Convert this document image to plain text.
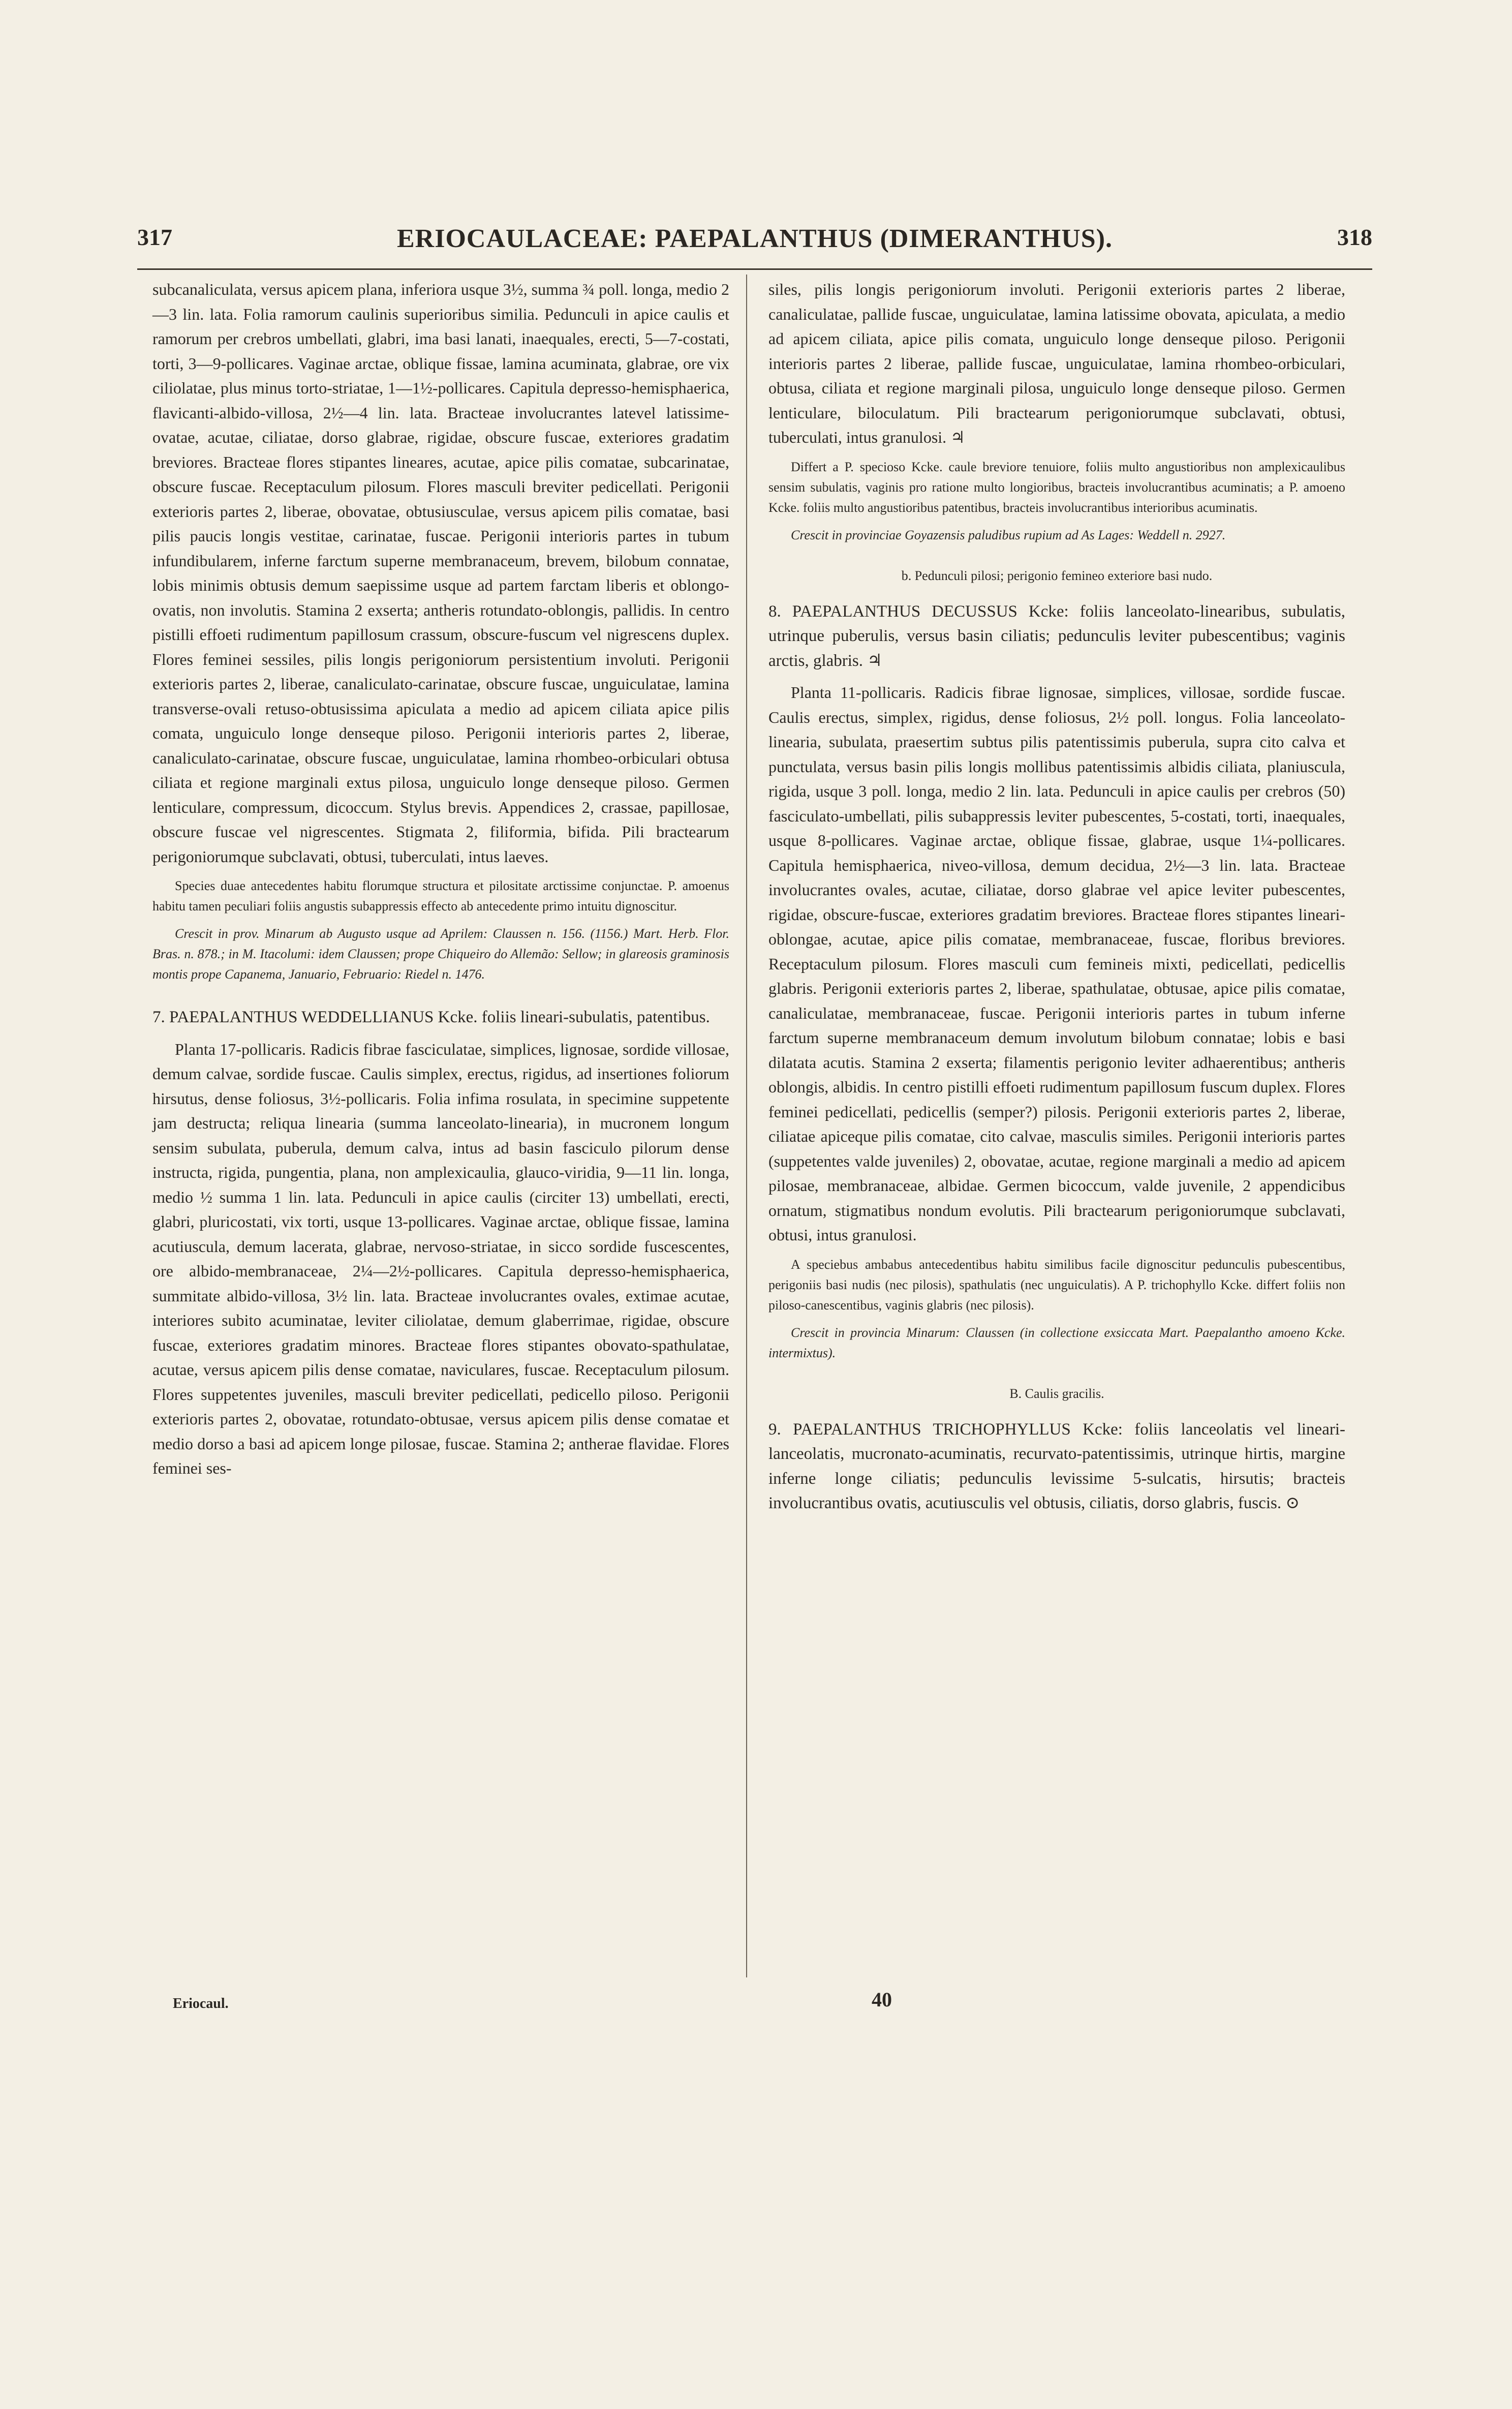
317	ERIOCAULACEAE: PAEPALANTHUS (DIMERANTHUS).	318

subcanaliculata, versus apicem plana, inferiora usque 3½, summa ¾ poll. longa, medio 2—3 lin. lata. Folia ramorum caulinis superioribus similia. Pedunculi in apice caulis et ramorum per crebros umbellati, glabri, ima basi lanati, inaequales, erecti, 5—7-costati, torti, 3—9-pollicares. Vaginae arctae, oblique fissae, lamina acuminata, glabrae, ore vix ciliolatae, plus minus torto-striatae, 1—1½-pollicares. Capitula depresso-hemisphaerica, flavicanti-albido-villosa, 2½—4 lin. lata. Bracteae involucrantes latevel latissime-ovatae, acutae, ciliatae, dorso glabrae, rigidae, obscure fuscae, exteriores gradatim breviores. Bracteae flores stipantes lineares, acutae, apice pilis comatae, subcarinatae, obscure fuscae. Receptaculum pilosum. Flores masculi breviter pedicellati. Perigonii exterioris partes 2, liberae, obovatae, obtusiusculae, versus apicem pilis comatae, basi pilis paucis longis vestitae, carinatae, fuscae. Perigonii interioris partes in tubum infundibularem, inferne farctum superne membranaceum, brevem, bilobum connatae, lobis minimis obtusis demum saepissime usque ad partem farctam liberis et oblongo-ovatis, non involutis. Stamina 2 exserta; antheris rotundato-oblongis, pallidis. In centro pistilli effoeti rudimentum papillosum crassum, obscure-fuscum vel nigrescens duplex. Flores feminei sessiles, pilis longis perigoniorum persistentium involuti. Perigonii exterioris partes 2, liberae, canaliculato-carinatae, obscure fuscae, unguiculatae, lamina transverse-ovali retuso-obtusissima apiculata a medio ad apicem ciliata apice pilis comata, unguiculo longe denseque piloso. Perigonii interioris partes 2, liberae, canaliculato-carinatae, obscure fuscae, unguiculatae, lamina rhombeo-orbiculari obtusa ciliata et regione marginali extus pilosa, unguiculo longe denseque piloso. Germen lenticulare, compressum, dicoccum. Stylus brevis. Appendices 2, crassae, papillosae, obscure fuscae vel nigrescentes. Stigmata 2, filiformia, bifida. Pili bractearum perigoniorumque subclavati, obtusi, tuberculati, intus laeves.

Species duae antecedentes habitu florumque structura et pilositate arctissime conjunctae. P. amoenus habitu tamen peculiari foliis angustis subappressis effecto ab antecedente primo intuitu dignoscitur.

Crescit in prov. Minarum ab Augusto usque ad Aprilem: Claussen n. 156. (1156.) Mart. Herb. Flor. Bras. n. 878.; in M. Itacolumi: idem Claussen; prope Chiqueiro do Allemão: Sellow; in glareosis graminosis montis prope Capanema, Januario, Februario: Riedel n. 1476.

7. PAEPALANTHUS WEDDELLIANUS Kcke. foliis lineari-subulatis, patentibus.

Planta 17-pollicaris. Radicis fibrae fasciculatae, simplices, lignosae, sordide villosae, demum calvae, sordide fuscae. Caulis simplex, erectus, rigidus, ad insertiones foliorum hirsutus, dense foliosus, 3½-pollicaris. Folia infima rosulata, in specimine suppetente jam destructa; reliqua linearia (summa lanceolato-linearia), in mucronem longum sensim subulata, puberula, demum calva, intus ad basin fasciculo pilorum dense instructa, rigida, pungentia, plana, non amplexicaulia, glauco-viridia, 9—11 lin. longa, medio ½ summa 1 lin. lata. Pedunculi in apice caulis (circiter 13) umbellati, erecti, glabri, pluricostati, vix torti, usque 13-pollicares. Vaginae arctae, oblique fissae, lamina acutiuscula, demum lacerata, glabrae, nervoso-striatae, in sicco sordide fuscescentes, ore albido-membranaceae, 2¼—2½-pollicares. Capitula depresso-hemisphaerica, summitate albido-villosa, 3½ lin. lata. Bracteae involucrantes ovales, extimae acutae, interiores subito acuminatae, leviter ciliolatae, demum glaberrimae, rigidae, obscure fuscae, exteriores gradatim minores. Bracteae flores stipantes obovato-spathulatae, acutae, versus apicem pilis dense comatae, naviculares, fuscae. Receptaculum pilosum. Flores suppetentes juveniles, masculi breviter pedicellati, pedicello piloso. Perigonii exterioris partes 2, obovatae, rotundato-obtusae, versus apicem pilis dense comatae et medio dorso a basi ad apicem longe pilosae, fuscae. Stamina 2; antherae flavidae. Flores feminei ses-

siles, pilis longis perigoniorum involuti. Perigonii exterioris partes 2 liberae, canaliculatae, pallide fuscae, unguiculatae, lamina latissime obovata, apiculata, a medio ad apicem ciliata, apice pilis comata, unguiculo longe denseque piloso. Perigonii interioris partes 2 liberae, pallide fuscae, unguiculatae, lamina rhombeo-orbiculari, obtusa, ciliata et regione marginali pilosa, unguiculo longe denseque piloso. Germen lenticulare, biloculatum. Pili bractearum perigoniorumque subclavati, obtusi, tuberculati, intus granulosi. ♃

Differt a P. specioso Kcke. caule breviore tenuiore, foliis multo angustioribus non amplexicaulibus sensim subulatis, vaginis pro ratione multo longioribus, bracteis involucrantibus acuminatis; a P. amoeno Kcke. foliis multo angustioribus patentibus, bracteis involucrantibus interioribus acuminatis.

Crescit in provinciae Goyazensis paludibus rupium ad As Lages: Weddell n. 2927.

b. Pedunculi pilosi; perigonio femineo exteriore basi nudo.

8. PAEPALANTHUS DECUSSUS Kcke: foliis lanceolato-linearibus, subulatis, utrinque puberulis, versus basin ciliatis; pedunculis leviter pubescentibus; vaginis arctis, glabris. ♃

Planta 11-pollicaris. Radicis fibrae lignosae, simplices, villosae, sordide fuscae. Caulis erectus, simplex, rigidus, dense foliosus, 2½ poll. longus. Folia lanceolato-linearia, subulata, praesertim subtus pilis patentissimis puberula, supra cito calva et punctulata, versus basin pilis longis mollibus patentissimis albidis ciliata, planiuscula, rigida, usque 3 poll. longa, medio 2 lin. lata. Pedunculi in apice caulis per crebros (50) fasciculato-umbellati, pilis subappressis leviter pubescentes, 5-costati, torti, inaequales, usque 8-pollicares. Vaginae arctae, oblique fissae, glabrae, usque 1¼-pollicares. Capitula hemisphaerica, niveo-villosa, demum decidua, 2½—3 lin. lata. Bracteae involucrantes ovales, acutae, ciliatae, dorso glabrae vel apice leviter pubescentes, rigidae, obscure-fuscae, exteriores gradatim breviores. Bracteae flores stipantes lineari-oblongae, acutae, apice pilis comatae, membranaceae, fuscae, floribus breviores. Receptaculum pilosum. Flores masculi cum femineis mixti, pedicellati, pedicellis glabris. Perigonii exterioris partes 2, liberae, spathulatae, obtusae, apice pilis comatae, canaliculatae, membranaceae, fuscae. Perigonii interioris partes in tubum inferne farctum superne membranaceum demum involutum bilobum connatae; lobis e basi dilatata acutis. Stamina 2 exserta; filamentis perigonio leviter adhaerentibus; antheris oblongis, albidis. In centro pistilli effoeti rudimentum papillosum fuscum duplex. Flores feminei pedicellati, pedicellis (semper?) pilosis. Perigonii exterioris partes 2, liberae, ciliatae apiceque pilis comatae, cito calvae, masculis similes. Perigonii interioris partes (suppetentes valde juveniles) 2, obovatae, acutae, regione marginali a medio ad apicem pilosae, membranaceae, albidae. Germen bicoccum, valde juvenile, 2 appendicibus ornatum, stigmatibus nondum evolutis. Pili bractearum perigoniorumque subclavati, obtusi, intus granulosi.

A speciebus ambabus antecedentibus habitu similibus facile dignoscitur pedunculis pubescentibus, perigoniis basi nudis (nec pilosis), spathulatis (nec unguiculatis). A P. trichophyllo Kcke. differt foliis non piloso-canescentibus, vaginis glabris (nec pilosis).

Crescit in provincia Minarum: Claussen (in collectione exsiccata Mart. Paepalantho amoeno Kcke. intermixtus).

B. Caulis gracilis.

9. PAEPALANTHUS TRICHOPHYLLUS Kcke: foliis lanceolatis vel lineari-lanceolatis, mucronato-acuminatis, recurvato-patentissimis, utrinque hirtis, margine inferne longe ciliatis; pedunculis levissime 5-sulcatis, hirsutis; bracteis involucrantibus ovatis, acutiusculis vel obtusis, ciliatis, dorso glabris, fuscis. ⊙
Eriocaul.	40
